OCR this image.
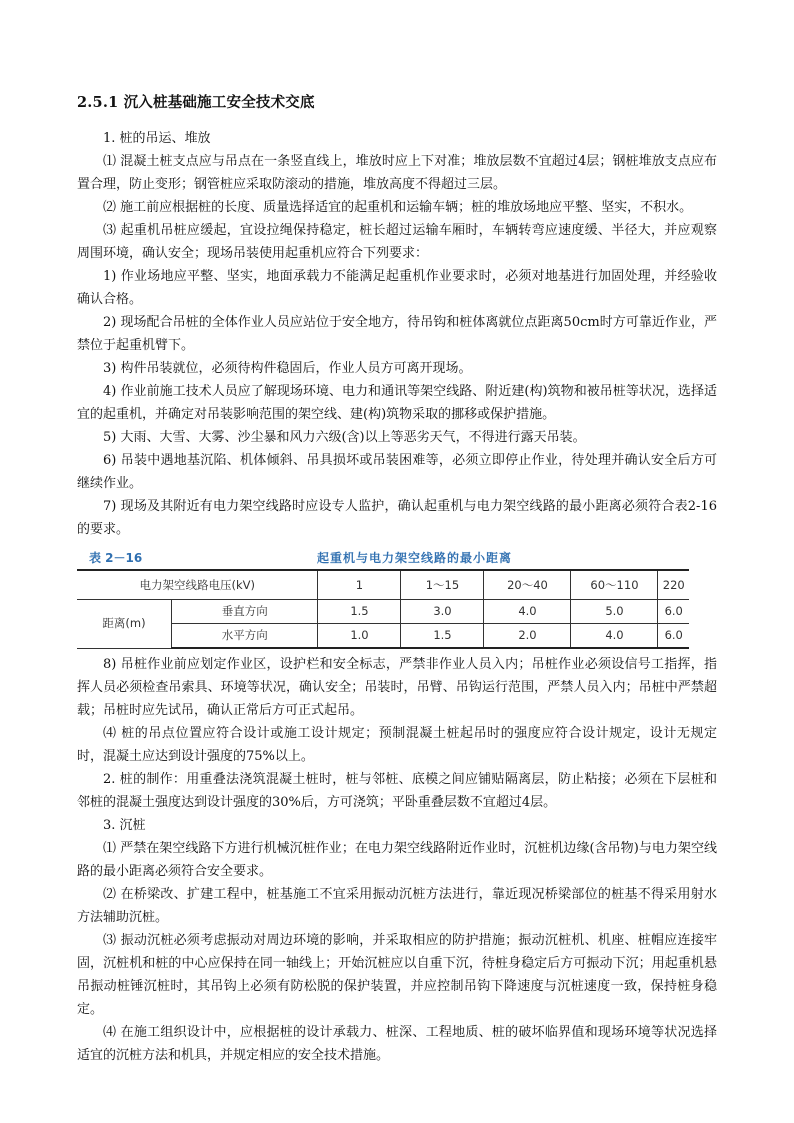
2.5.1 沉入桩基础施工安全技术交底

1. 桩的吊运、堆放

⑴ 混凝土桩支点应与吊点在一条竖直线上，堆放时应上下对准；堆放层数不宜超过4层；钢桩堆放支点应布置合理，防止变形；钢管桩应采取防滚动的措施，堆放高度不得超过三层。

⑵ 施工前应根据桩的长度、质量选择适宜的起重机和运输车辆；桩的堆放场地应平整、坚实，不积水。

⑶ 起重机吊桩应缓起，宜设拉绳保持稳定，桩长超过运输车厢时，车辆转弯应速度缓、半径大，并应观察周围环境，确认安全；现场吊装使用起重机应符合下列要求：

1) 作业场地应平整、坚实，地面承载力不能满足起重机作业要求时，必须对地基进行加固处理，并经验收确认合格。

2) 现场配合吊桩的全体作业人员应站位于安全地方，待吊钩和桩体离就位点距离50cm时方可靠近作业，严禁位于起重机臂下。

3) 构件吊装就位，必须待构件稳固后，作业人员方可离开现场。

4) 作业前施工技术人员应了解现场环境、电力和通讯等架空线路、附近建(构)筑物和被吊桩等状况，选择适宜的起重机，并确定对吊装影响范围的架空线、建(构)筑物采取的挪移或保护措施。

5) 大雨、大雪、大雾、沙尘暴和风力六级(含)以上等恶劣天气，不得进行露天吊装。

6) 吊装中遇地基沉陷、机体倾斜、吊具损坏或吊装困难等，必须立即停止作业，待处理并确认安全后方可继续作业。

7) 现场及其附近有电力架空线路时应设专人监护，确认起重机与电力架空线路的最小距离必须符合表2-16的要求。

表 2－16	起重机与电力架空线路的最小距离
电力架空线路电压(kV)		1	1～15	20～40	60～110	220
距离(m)	垂直方向	1.5	3.0	4.0	5.0	6.0
	水平方向	1.0	1.5	2.0	4.0	6.0

8) 吊桩作业前应划定作业区，设护栏和安全标志，严禁非作业人员入内；吊桩作业必须设信号工指挥，指挥人员必须检查吊索具、环境等状况，确认安全；吊装时，吊臂、吊钩运行范围，严禁人员入内；吊桩中严禁超载；吊桩时应先试吊，确认正常后方可正式起吊。

⑷ 桩的吊点位置应符合设计或施工设计规定；预制混凝土桩起吊时的强度应符合设计规定，设计无规定时，混凝土应达到设计强度的75%以上。

2. 桩的制作：用重叠法浇筑混凝土桩时，桩与邻桩、底模之间应铺贴隔离层，防止粘接；必须在下层桩和邻桩的混凝土强度达到设计强度的30%后，方可浇筑；平卧重叠层数不宜超过4层。

3. 沉桩

⑴ 严禁在架空线路下方进行机械沉桩作业；在电力架空线路附近作业时，沉桩机边缘(含吊物)与电力架空线路的最小距离必须符合安全要求。

⑵ 在桥梁改、扩建工程中，桩基施工不宜采用振动沉桩方法进行，靠近现况桥梁部位的桩基不得采用射水方法辅助沉桩。

⑶ 振动沉桩必须考虑振动对周边环境的影响，并采取相应的防护措施；振动沉桩机、机座、桩帽应连接牢固，沉桩机和桩的中心应保持在同一轴线上；开始沉桩应以自重下沉，待桩身稳定后方可振动下沉；用起重机悬吊振动桩锤沉桩时，其吊钩上必须有防松脱的保护装置，并应控制吊钩下降速度与沉桩速度一致，保持桩身稳定。

⑷ 在施工组织设计中，应根据桩的设计承载力、桩深、工程地质、桩的破坏临界值和现场环境等状况选择适宜的沉桩方法和机具，并规定相应的安全技术措施。
